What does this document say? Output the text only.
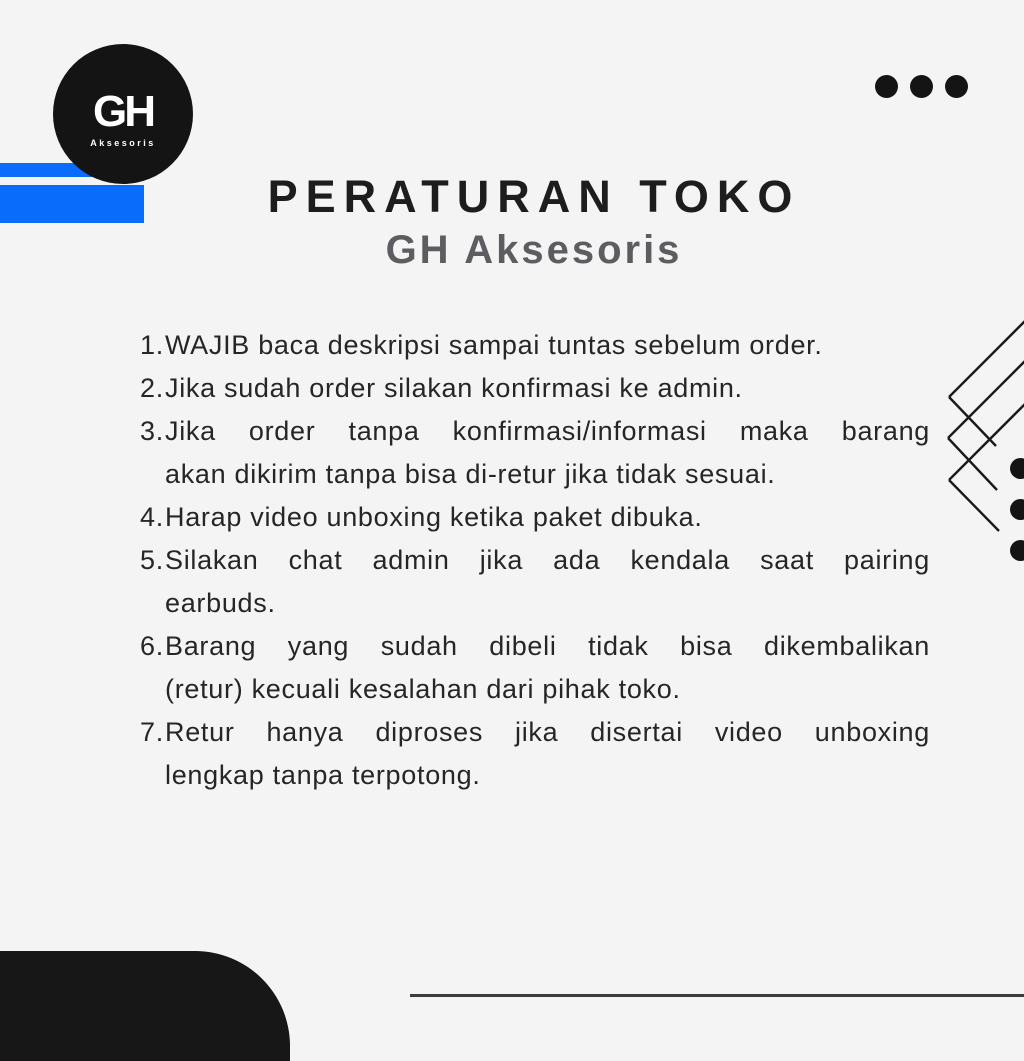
GH
Aksesoris
PERATURAN TOKO
GH Aksesoris
1. WAJIB baca deskripsi sampai tuntas sebelum order.
2. Jika sudah order silakan konfirmasi ke admin.
3. Jika order tanpa konfirmasi/informasi maka barang
akan dikirim tanpa bisa di-retur jika tidak sesuai.
4. Harap video unboxing ketika paket dibuka.
5. Silakan chat admin jika ada kendala saat pairing
earbuds.
6. Barang yang sudah dibeli tidak bisa dikembalikan
(retur) kecuali kesalahan dari pihak toko.
7. Retur hanya diproses jika disertai video unboxing
lengkap tanpa terpotong.
